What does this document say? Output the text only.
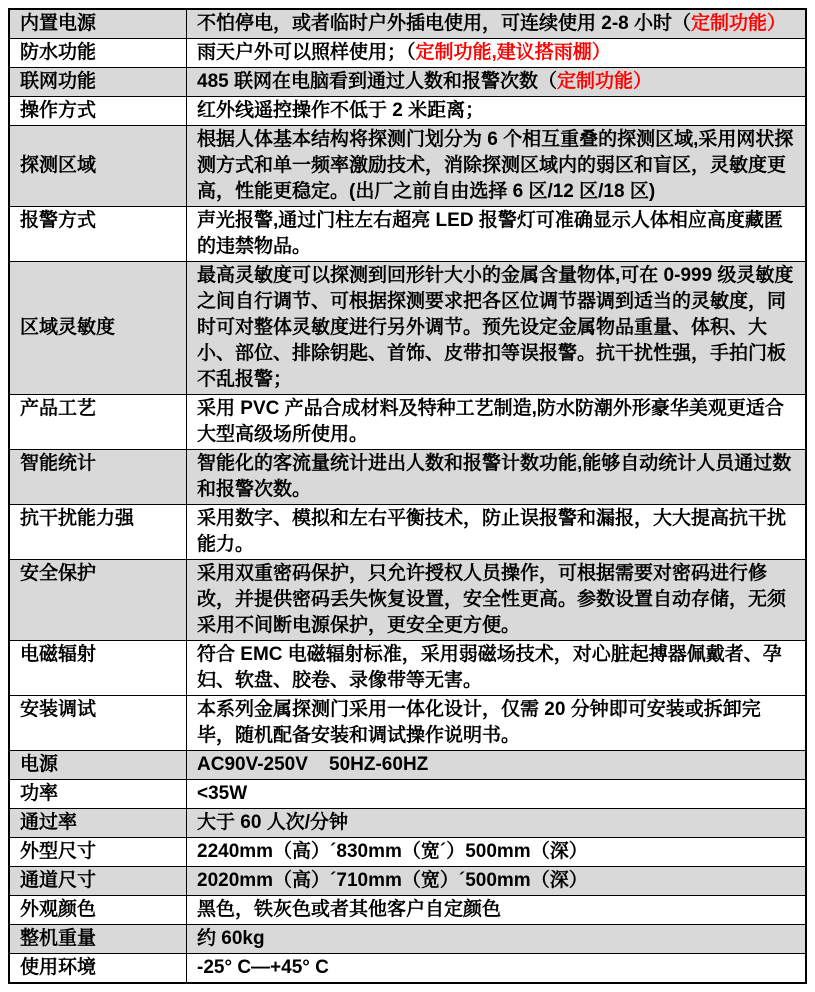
内置电源	不怕停电，或者临时户外插电使用，可连续使用 2-8 小时（定制功能）
防水功能	雨天户外可以照样使用；（定制功能,建议搭雨棚）
联网功能	485 联网在电脑看到通过人数和报警次数（定制功能）
操作方式	红外线遥控操作不低于 2 米距离；
探测区域	根据人体基本结构将探测门划分为 6 个相互重叠的探测区域,采用网状探测方式和单一频率激励技术，消除探测区域内的弱区和盲区，灵敏度更高，性能更稳定。(出厂之前自由选择 6 区/12 区/18 区)
报警方式	声光报警,通过门柱左右超亮 LED 报警灯可准确显示人体相应高度藏匿的违禁物品。
区域灵敏度	最高灵敏度可以探测到回形针大小的金属含量物体,可在 0-999 级灵敏度之间自行调节、可根据探测要求把各区位调节器调到适当的灵敏度，同时可对整体灵敏度进行另外调节。预先设定金属物品重量、体积、大小、部位、排除钥匙、首饰、皮带扣等误报警。抗干扰性强，手拍门板不乱报警；
产品工艺	采用 PVC 产品合成材料及特种工艺制造,防水防潮外形豪华美观更适合大型高级场所使用。
智能统计	智能化的客流量统计进出人数和报警计数功能,能够自动统计人员通过数和报警次数。
抗干扰能力强	采用数字、模拟和左右平衡技术，防止误报警和漏报，大大提高抗干扰能力。
安全保护	采用双重密码保护，只允许授权人员操作，可根据需要对密码进行修改，并提供密码丢失恢复设置，安全性更高。参数设置自动存储，无须采用不间断电源保护，更安全更方便。
电磁辐射	符合 EMC 电磁辐射标准，采用弱磁场技术，对心脏起搏器佩戴者、孕妇、软盘、胶卷、录像带等无害。
安装调试	本系列金属探测门采用一体化设计，仅需 20 分钟即可安装或拆卸完毕，随机配备安装和调试操作说明书。
电源	AC90V-250V    50HZ-60HZ
功率	<35W
通过率	大于 60 人次/分钟
外型尺寸	2240mm（高）´830mm（宽´）500mm（深）
通道尺寸	2020mm（高）´710mm（宽）´500mm（深）
外观颜色	黑色，铁灰色或者其他客户自定颜色
整机重量	约 60kg
使用环境	-25° C—+45° C
